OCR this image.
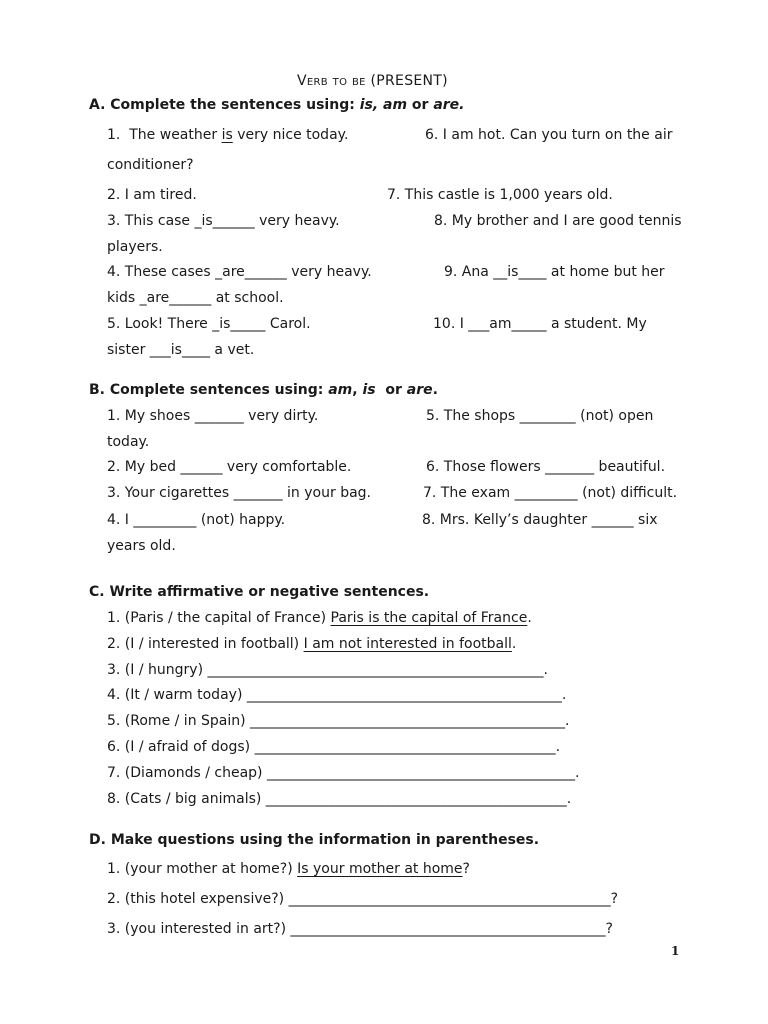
Verb to be (PRESENT)
A. Complete the sentences using: is, am or are.
1.  The weather is very nice today.	6. I am hot. Can you turn on the air
conditioner?
2. I am tired.	7. This castle is 1,000 years old.
3. This case _is______ very heavy.	8. My brother and I are good tennis
players.
4. These cases _are______ very heavy.	9. Ana __is____ at home but her
kids _are______ at school.
5. Look! There _is_____ Carol.	10. I ___am_____ a student. My
sister ___is____ a vet.
B. Complete sentences using: am, is  or are.
1. My shoes _______ very dirty.	5. The shops ________ (not) open
today.
2. My bed ______ very comfortable.	6. Those flowers _______ beautiful.
3. Your cigarettes _______ in your bag.	7. The exam _________ (not) difficult.
4. I _________ (not) happy.	8. Mrs. Kelly’s daughter ______ six
years old.
C. Write affirmative or negative sentences.
1. (Paris / the capital of France) Paris is the capital of France.
2. (I / interested in football) I am not interested in football.
3. (I / hungry) ________________________________________________.
4. (It / warm today) _____________________________________________.
5. (Rome / in Spain) _____________________________________________.
6. (I / afraid of dogs) ___________________________________________.
7. (Diamonds / cheap) ____________________________________________.
8. (Cats / big animals) ___________________________________________.
D. Make questions using the information in parentheses.
1. (your mother at home?) Is your mother at home?
2. (this hotel expensive?) ______________________________________________?
3. (you interested in art?) _____________________________________________?
1
